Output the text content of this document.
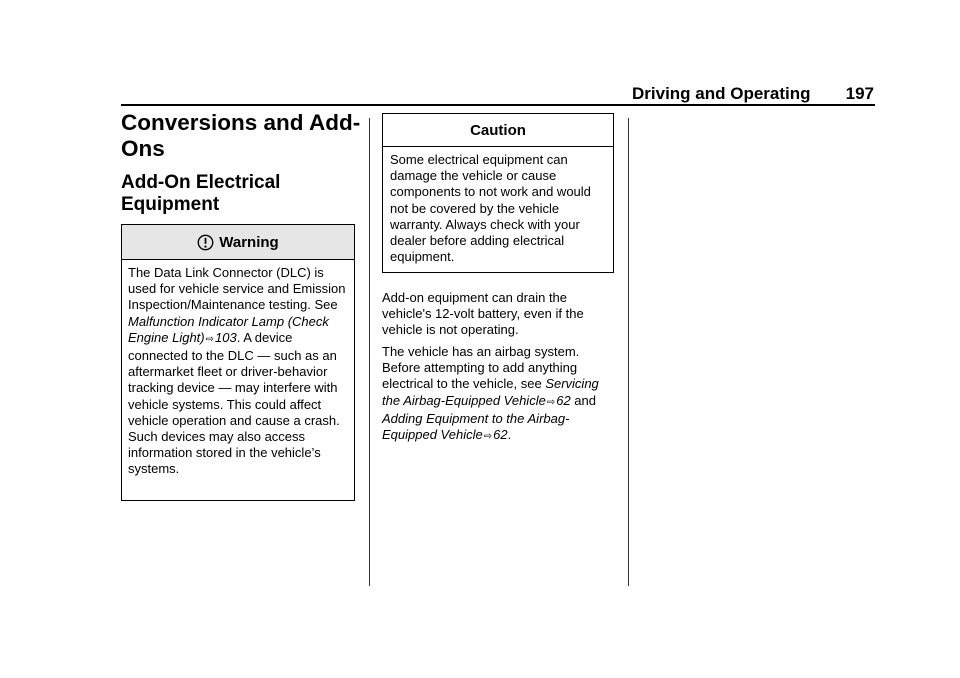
Driving and Operating 197
Conversions and Add-Ons
Add-On Electrical Equipment
Warning
The Data Link Connector (DLC) is used for vehicle service and Emission Inspection/Maintenance testing. See Malfunction Indicator Lamp (Check Engine Light)⇨103. A device connected to the DLC — such as an aftermarket fleet or driver-behavior tracking device — may interfere with vehicle systems. This could affect vehicle operation and cause a crash. Such devices may also access information stored in the vehicle’s systems.
Caution
Some electrical equipment can damage the vehicle or cause components to not work and would not be covered by the vehicle warranty. Always check with your dealer before adding electrical equipment.

Add-on equipment can drain the vehicle's 12-volt battery, even if the vehicle is not operating.

The vehicle has an airbag system. Before attempting to add anything electrical to the vehicle, see Servicing the Airbag-Equipped Vehicle⇨62 and Adding Equipment to the Airbag-Equipped Vehicle⇨62.
